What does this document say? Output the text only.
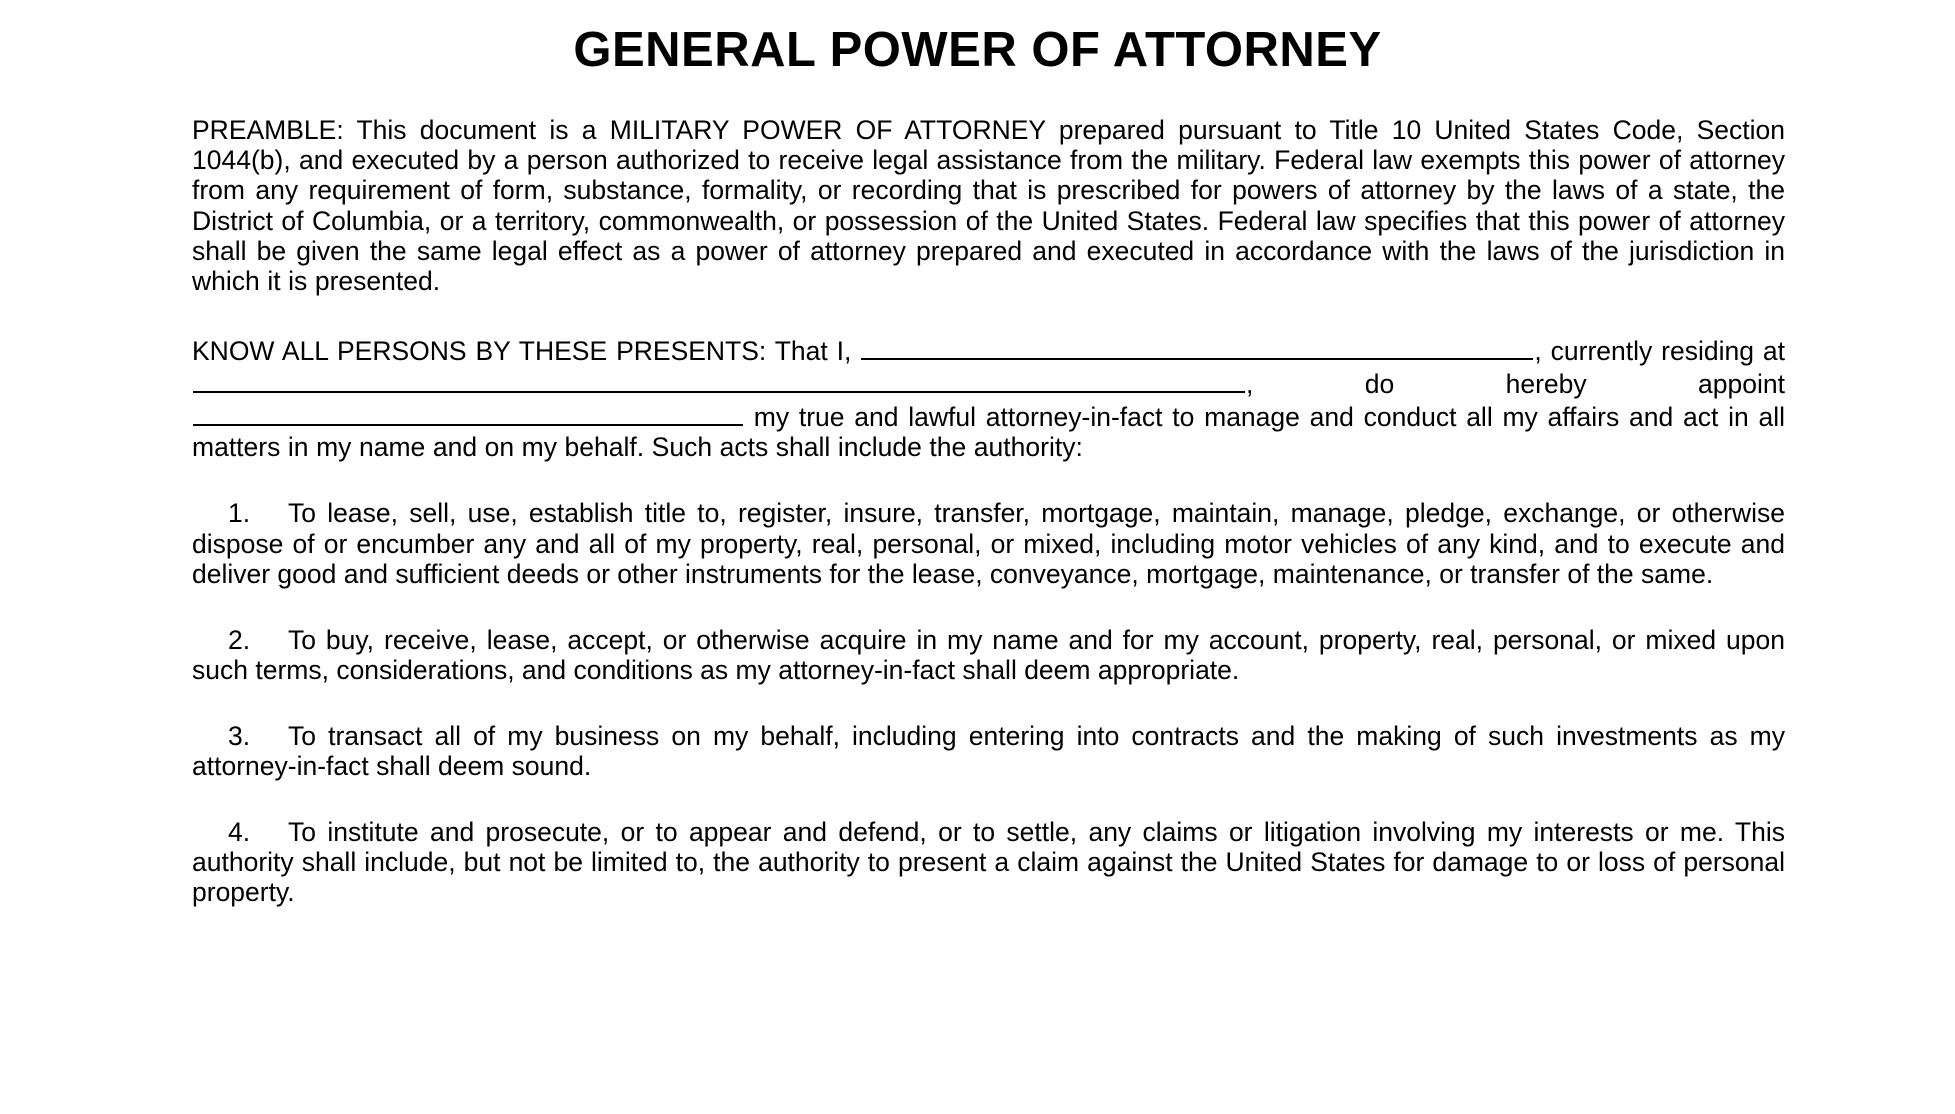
GENERAL POWER OF ATTORNEY

PREAMBLE: This document is a MILITARY POWER OF ATTORNEY prepared pursuant to Title 10 United States Code, Section 1044(b), and executed by a person authorized to receive legal assistance from the military. Federal law exempts this power of attorney from any requirement of form, substance, formality, or recording that is prescribed for powers of attorney by the laws of a state, the District of Columbia, or a territory, commonwealth, or possession of the United States. Federal law specifies that this power of attorney shall be given the same legal effect as a power of attorney prepared and executed in accordance with the laws of the jurisdiction in which it is presented.

KNOW ALL PERSONS BY THESE PRESENTS: That I,	, currently residing at , do hereby appoint  my true and lawful attorney-in-fact to manage and conduct all my affairs and act in all matters in my name and on my behalf. Such acts shall include the authority:

1. To lease, sell, use, establish title to, register, insure, transfer, mortgage, maintain, manage, pledge, exchange, or otherwise dispose of or encumber any and all of my property, real, personal, or mixed, including motor vehicles of any kind, and to execute and deliver good and sufficient deeds or other instruments for the lease, conveyance, mortgage, maintenance, or transfer of the same.

2. To buy, receive, lease, accept, or otherwise acquire in my name and for my account, property, real, personal, or mixed upon such terms, considerations, and conditions as my attorney-in-fact shall deem appropriate.

3. To transact all of my business on my behalf, including entering into contracts and the making of such investments as my attorney-in-fact shall deem sound.

4. To institute and prosecute, or to appear and defend, or to settle, any claims or litigation involving my interests or me. This authority shall include, but not be limited to, the authority to present a claim against the United States for damage to or loss of personal property.
